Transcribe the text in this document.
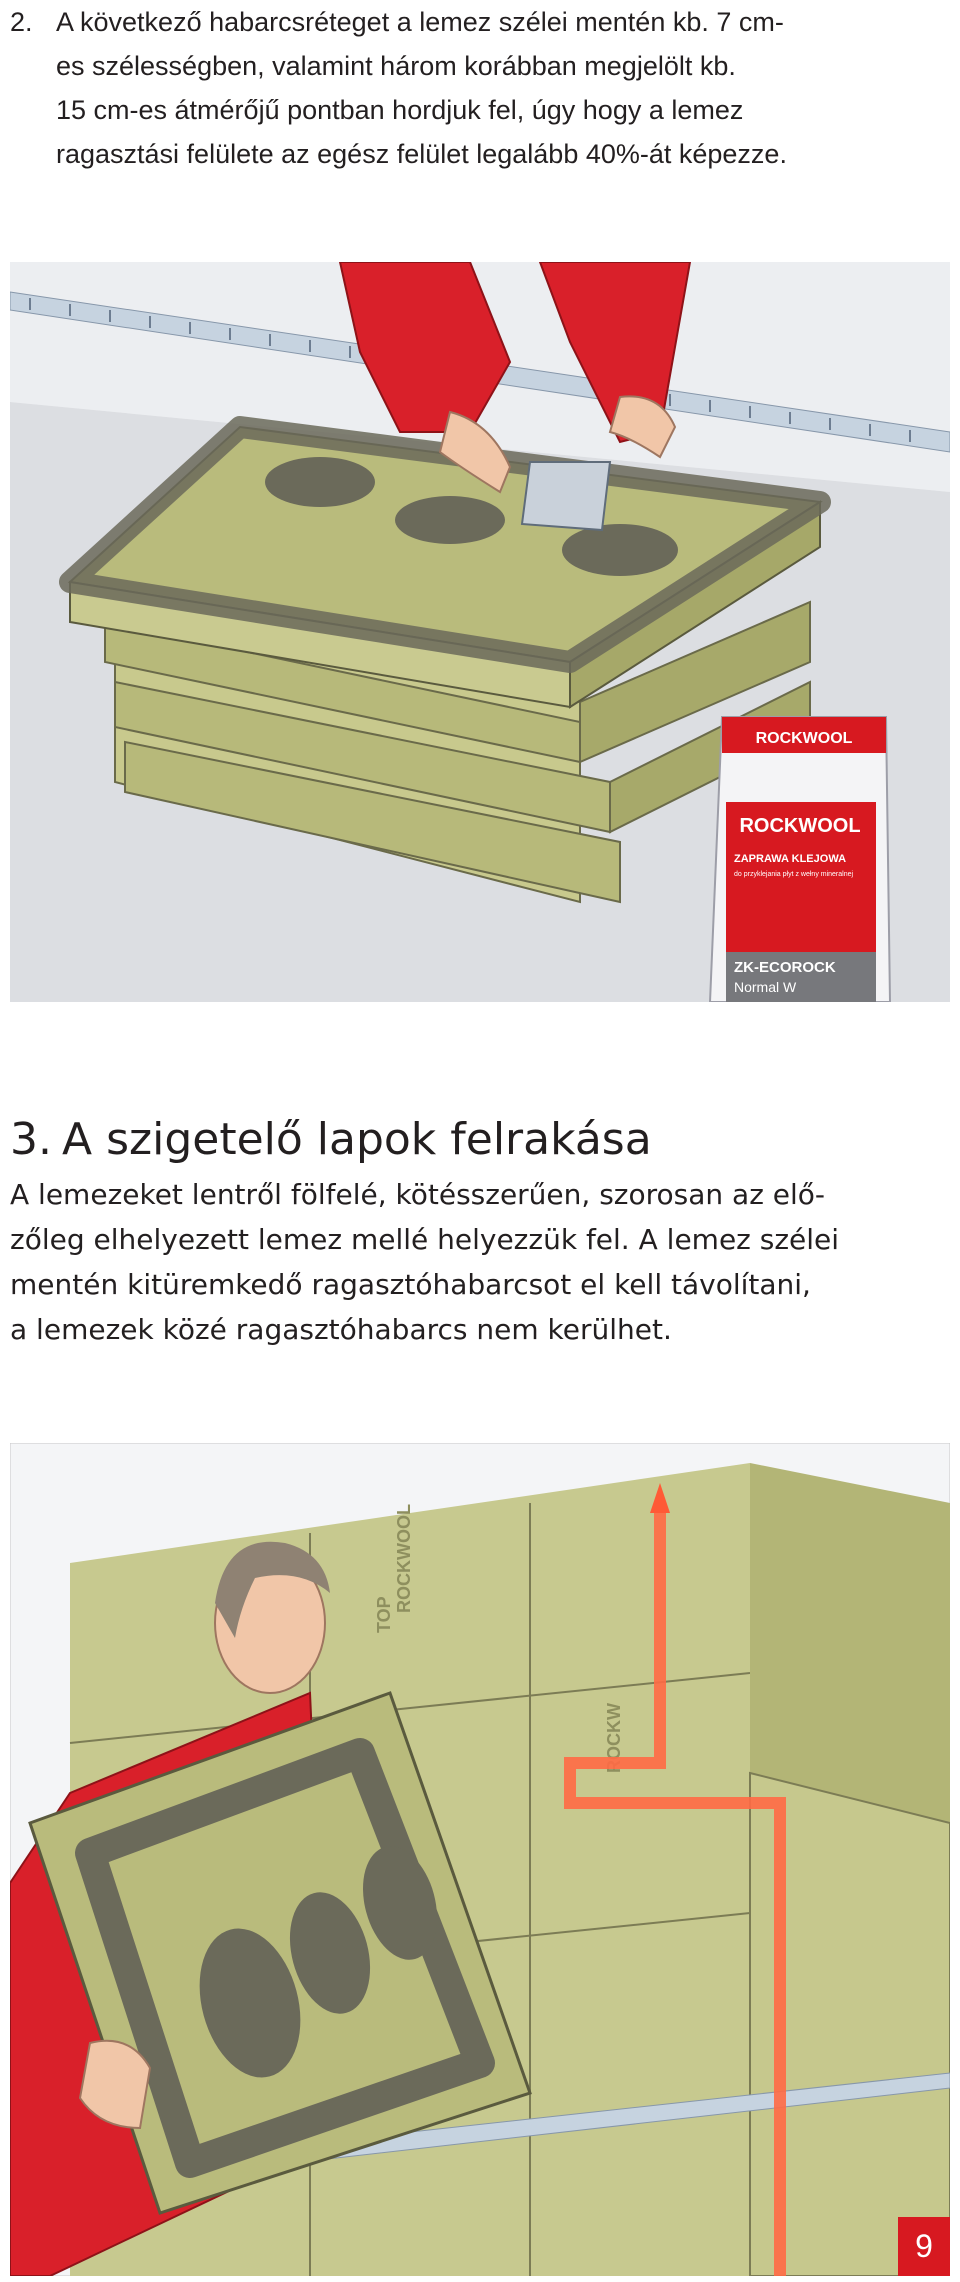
2. A következő habarcsréteget a lemez szélei mentén kb. 7 cm-
es szélességben, valamint három korábban megjelölt kb.
15 cm-es átmérőjű pontban hordjuk fel, úgy hogy a lemez
ragasztási felülete az egész felület legalább 40%-át képezze.
ROCKWOOL
ROCKWOOL
ZAPRAWA KLEJOWA
do przyklejania płyt z wełny mineralnej
ZK-ECOROCK
Normal W
3. A szigetelő lapok felrakása
A lemezeket lentről fölfelé, kötésszerűen, szorosan az elő-
zőleg elhelyezett lemez mellé helyezzük fel. A lemez szélei
mentén kitüremkedő ragasztóhabarcsot el kell távolítani,
a lemezek közé ragasztóhabarcs nem kerülhet.
TOP
ROCKWOOL
ROCKW
9
